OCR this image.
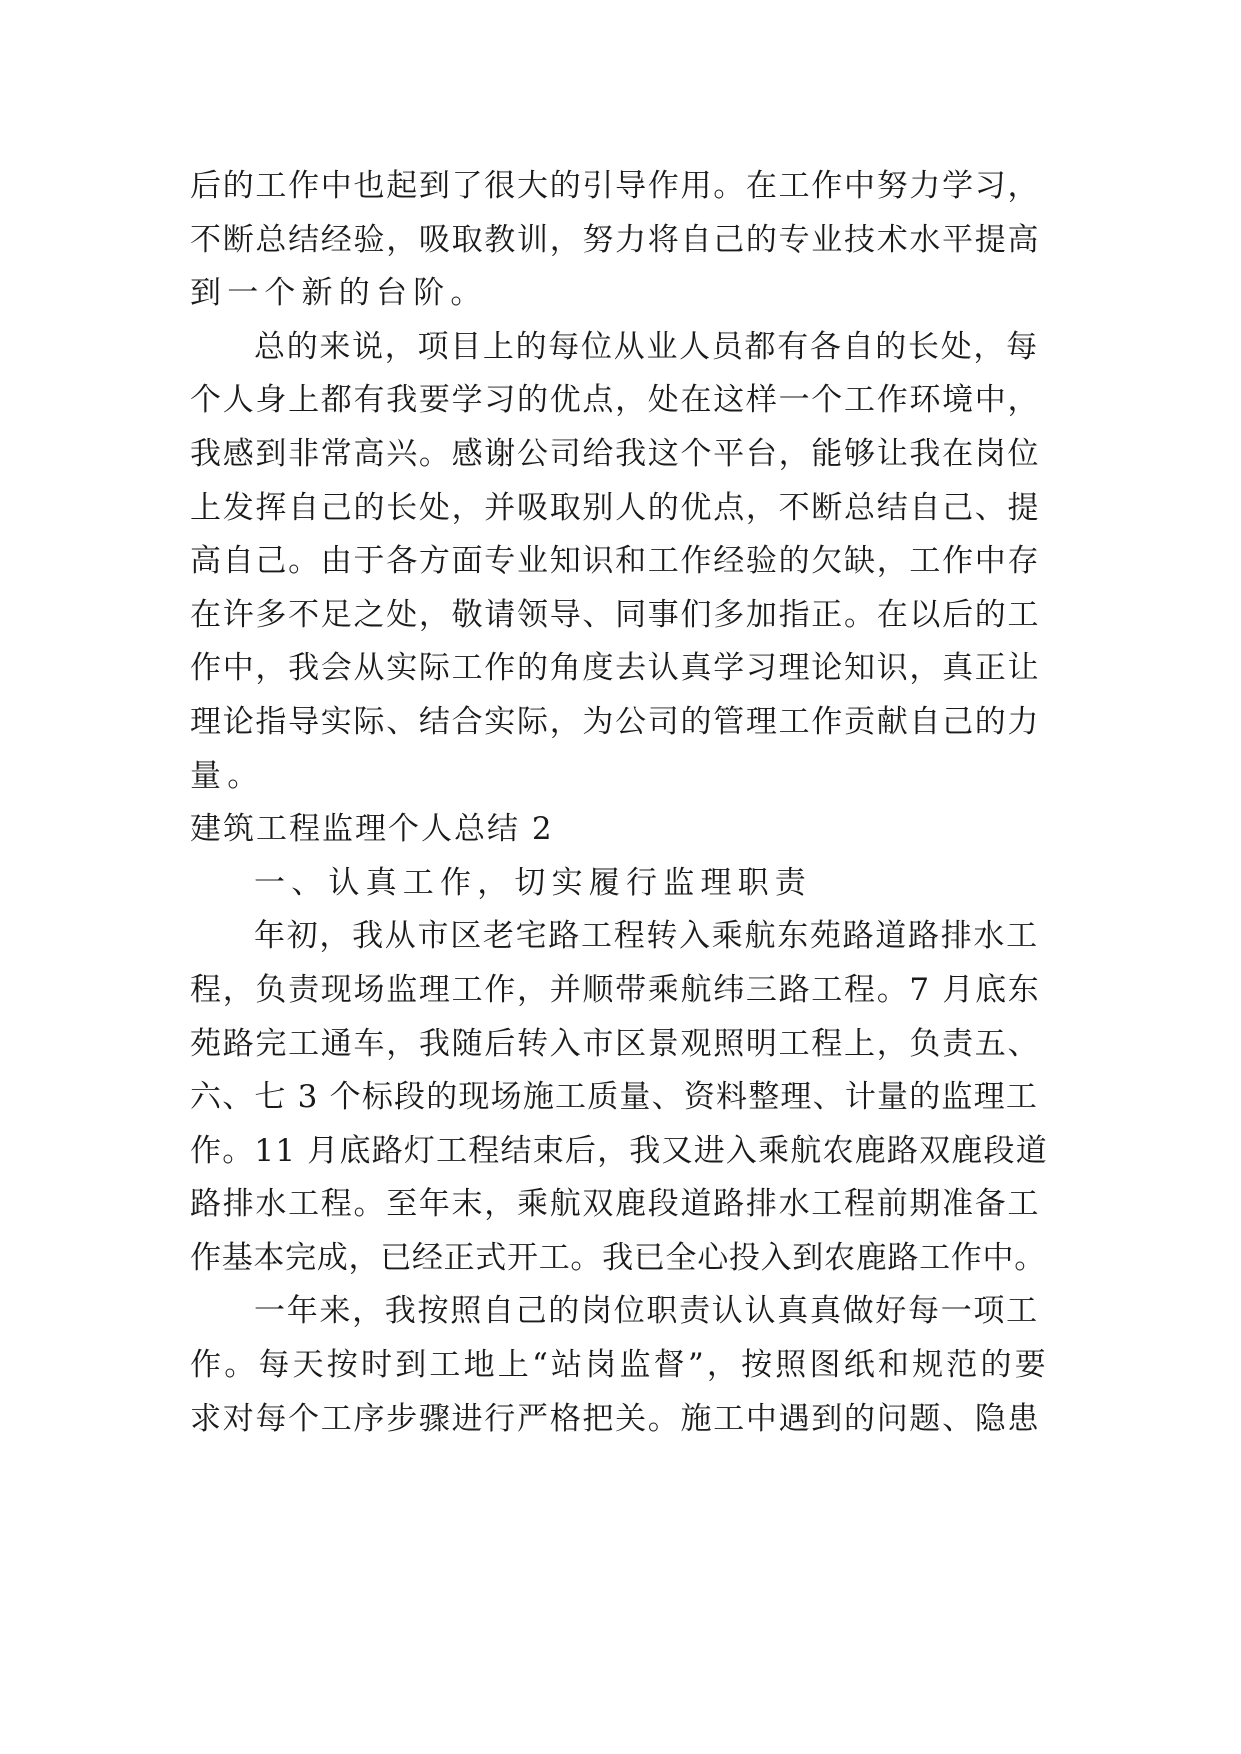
后的工作中也起到了很大的引导作用。在工作中努力学习，
不断总结经验，吸取教训，努力将自己的专业技术水平提高
到一个新的台阶。
总的来说，项目上的每位从业人员都有各自的长处，每
个人身上都有我要学习的优点，处在这样一个工作环境中，
我感到非常高兴。感谢公司给我这个平台，能够让我在岗位
上发挥自己的长处，并吸取别人的优点，不断总结自己、提
高自己。由于各方面专业知识和工作经验的欠缺，工作中存
在许多不足之处，敬请领导、同事们多加指正。在以后的工
作中，我会从实际工作的角度去认真学习理论知识，真正让
理论指导实际、结合实际，为公司的管理工作贡献自己的力
量。
建筑工程监理个人总结 2
一、认真工作，切实履行监理职责
年初，我从市区老宅路工程转入乘航东苑路道路排水工
程，负责现场监理工作，并顺带乘航纬三路工程。7 月底东
苑路完工通车，我随后转入市区景观照明工程上，负责五、
六、七 3 个标段的现场施工质量、资料整理、计量的监理工
作。11 月底路灯工程结束后，我又进入乘航农鹿路双鹿段道
路排水工程。至年末，乘航双鹿段道路排水工程前期准备工
作基本完成，已经正式开工。我已全心投入到农鹿路工作中。
一年来，我按照自己的岗位职责认认真真做好每一项工
作。每天按时到工地上“站岗监督”，按照图纸和规范的要
求对每个工序步骤进行严格把关。施工中遇到的问题、隐患
